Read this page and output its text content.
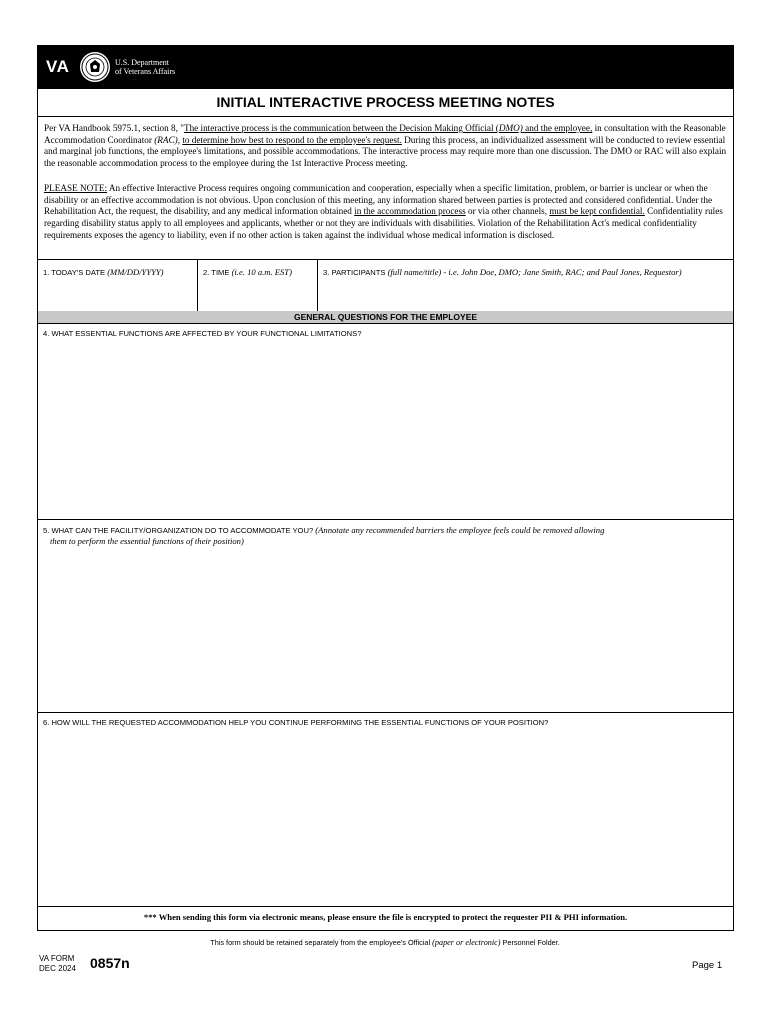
VA	U.S. Department
of Veterans Affairs
INITIAL INTERACTIVE PROCESS MEETING NOTES

Per VA Handbook 5975.1, section 8, "The interactive process is the communication between the Decision Making Official (DMO) and the employee, in consultation with the Reasonable Accommodation Coordinator (RAC), to determine how best to respond to the employee's request. During this process, an individualized assessment will be conducted to review essential and marginal job functions, the employee's limitations, and possible accommodations. The interactive process may require more than one discussion. The DMO or RAC will also explain the reasonable accommodation process to the employee during the 1st Interactive Process meeting.

PLEASE NOTE: An effective Interactive Process requires ongoing communication and cooperation, especially when a specific limitation, problem, or barrier is unclear or when the disability or an effective accommodation is not obvious. Upon conclusion of this meeting, any information shared between parties is protected and considered confidential. Under the Rehabilitation Act, the request, the disability, and any medical information obtained in the accommodation process or via other channels, must be kept confidential. Confidentiality rules regarding disability status apply to all employees and applicants, whether or not they are individuals with disabilities. Violation of the Rehabilitation Act's medical confidentiality requirements exposes the agency to liability, even if no other action is taken against the individual whose medical information is disclosed.

1. TODAY'S DATE (MM/DD/YYYY)	2. TIME (i.e. 10 a.m. EST)	3. PARTICIPANTS (full name/title) - i.e. John Doe, DMO; Jane Smith, RAC; and Paul Jones, Requestor)
GENERAL QUESTIONS FOR THE EMPLOYEE
4. WHAT ESSENTIAL FUNCTIONS ARE AFFECTED BY YOUR FUNCTIONAL LIMITATIONS?
5. WHAT CAN THE FACILITY/ORGANIZATION DO TO ACCOMMODATE YOU? (Annotate any recommended barriers the employee feels could be removed allowing
them to perform the essential functions of their position)
6. HOW WILL THE REQUESTED ACCOMMODATION HELP YOU CONTINUE PERFORMING THE ESSENTIAL FUNCTIONS OF YOUR POSITION?
*** When sending this form via electronic means, please ensure the file is encrypted to protect the requester PII & PHI information.
This form should be retained separately from the employee's Official (paper or electronic) Personnel Folder.
VA FORM
DEC 2024 0857n	Page 1
